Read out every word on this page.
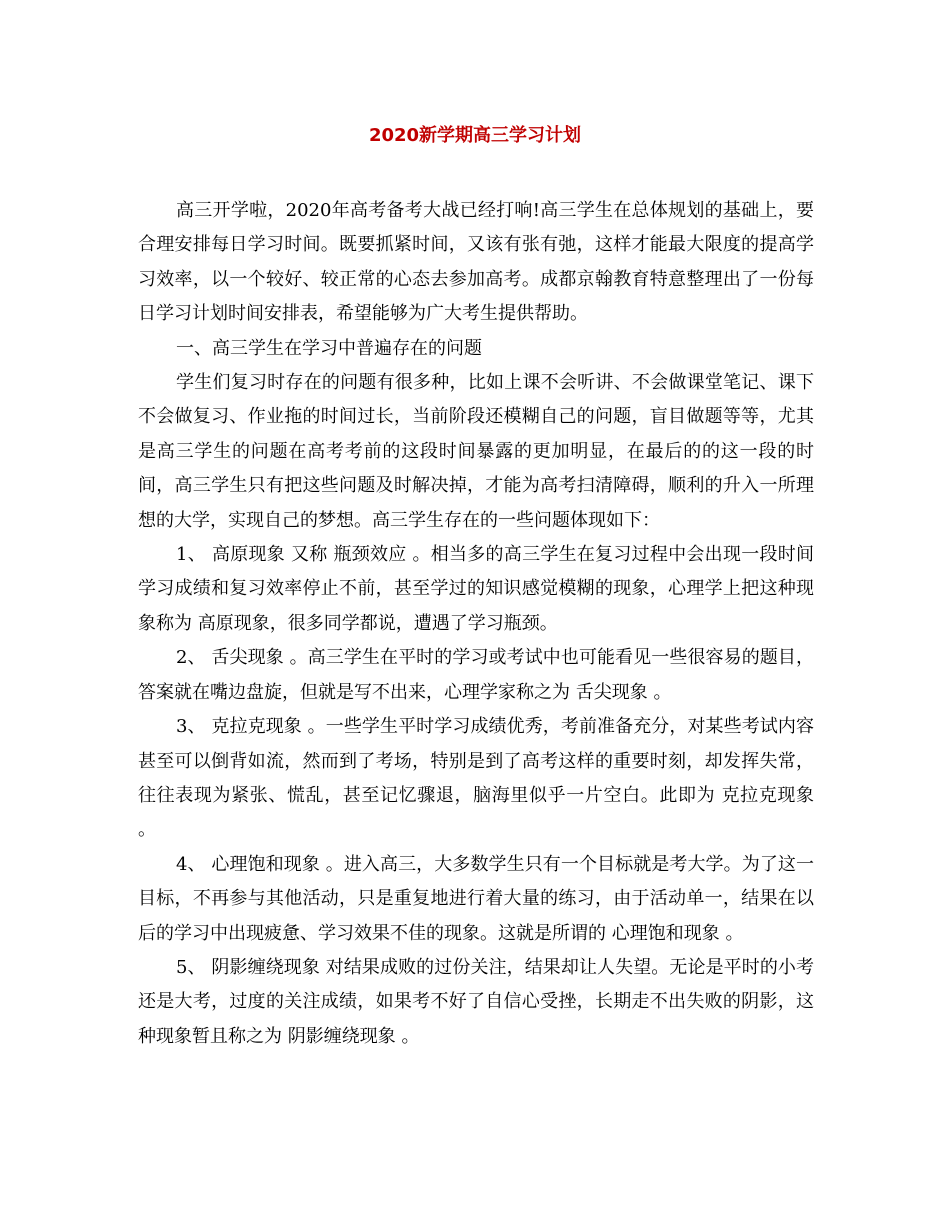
2020新学期高三学习计划

高三开学啦，2020年高考备考大战已经打响!高三学生在总体规划的基础上，要合理安排每日学习时间。既要抓紧时间，又该有张有弛，这样才能最大限度的提高学习效率，以一个较好、较正常的心态去参加高考。成都京翰教育特意整理出了一份每日学习计划时间安排表，希望能够为广大考生提供帮助。

一、高三学生在学习中普遍存在的问题

学生们复习时存在的问题有很多种，比如上课不会听讲、不会做课堂笔记、课下不会做复习、作业拖的时间过长，当前阶段还模糊自己的问题，盲目做题等等，尤其是高三学生的问题在高考考前的这段时间暴露的更加明显，在最后的的这一段的时间，高三学生只有把这些问题及时解决掉，才能为高考扫清障碍，顺利的升入一所理想的大学，实现自己的梦想。高三学生存在的一些问题体现如下：

1、 高原现象 又称 瓶颈效应 。相当多的高三学生在复习过程中会出现一段时间学习成绩和复习效率停止不前，甚至学过的知识感觉模糊的现象，心理学上把这种现象称为 高原现象，很多同学都说，遭遇了学习瓶颈。

2、 舌尖现象 。高三学生在平时的学习或考试中也可能看见一些很容易的题目，答案就在嘴边盘旋，但就是写不出来，心理学家称之为 舌尖现象 。

3、 克拉克现象 。一些学生平时学习成绩优秀，考前准备充分，对某些考试内容甚至可以倒背如流，然而到了考场，特别是到了高考这样的重要时刻，却发挥失常，往往表现为紧张、慌乱，甚至记忆骤退，脑海里似乎一片空白。此即为 克拉克现象 。

4、 心理饱和现象 。进入高三，大多数学生只有一个目标就是考大学。为了这一目标，不再参与其他活动，只是重复地进行着大量的练习，由于活动单一，结果在以后的学习中出现疲惫、学习效果不佳的现象。这就是所谓的 心理饱和现象 。

5、 阴影缠绕现象 对结果成败的过份关注，结果却让人失望。无论是平时的小考还是大考，过度的关注成绩，如果考不好了自信心受挫，长期走不出失败的阴影，这种现象暂且称之为 阴影缠绕现象 。
